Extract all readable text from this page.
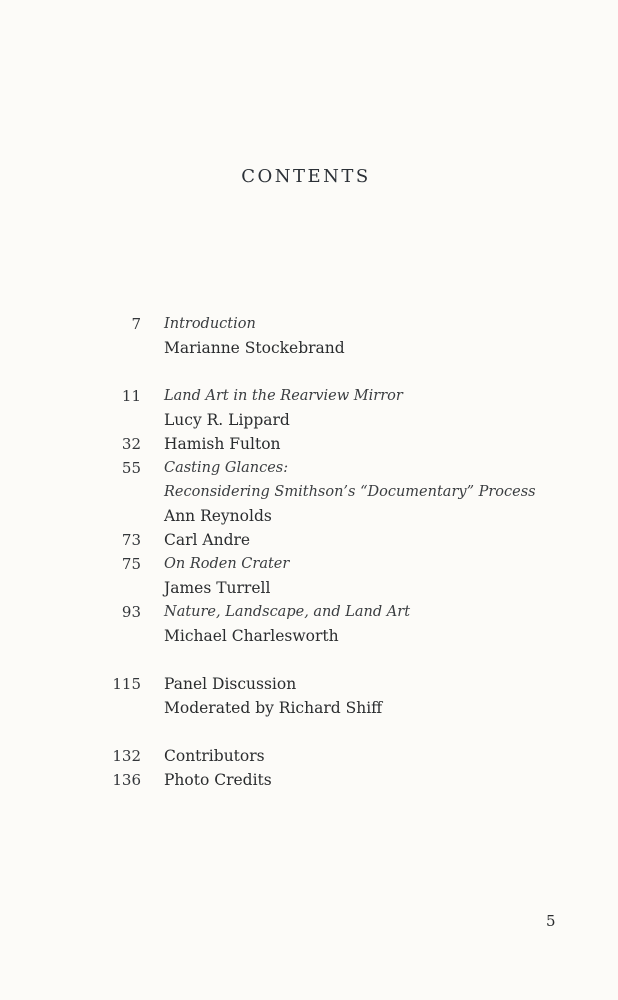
CONTENTS
7 Introduction
Marianne Stockebrand
11 Land Art in the Rearview Mirror
Lucy R. Lippard
32 Hamish Fulton
55 Casting Glances:
Reconsidering Smithson’s “Documentary” Process
Ann Reynolds
73 Carl Andre
75 On Roden Crater
James Turrell
93 Nature, Landscape, and Land Art
Michael Charlesworth
115 Panel Discussion
Moderated by Richard Shiff
132 Contributors
136 Photo Credits
5
